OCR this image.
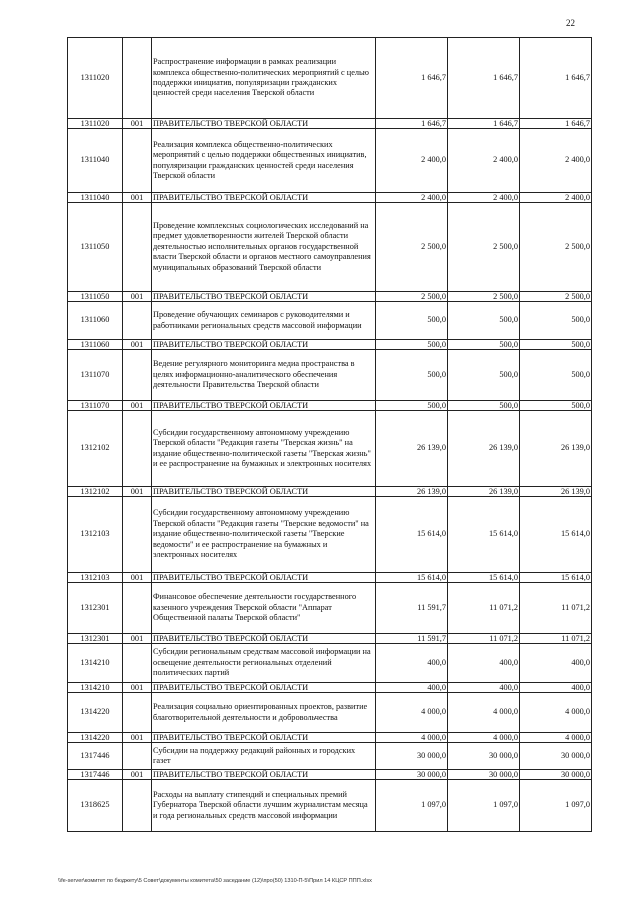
22
1311020		Распространение информации в рамках реализации комплекса общественно-политических мероприятий с целью поддержки инициатив, популяризации гражданских ценностей среди населения Тверской области	1 646,7	1 646,7	1 646,7
1311020	001	ПРАВИТЕЛЬСТВО ТВЕРСКОЙ ОБЛАСТИ	1 646,7	1 646,7	1 646,7
1311040		Реализация комплекса общественно-политических мероприятий с целью поддержки общественных инициатив, популяризации гражданских ценностей среди населения Тверской области	2 400,0	2 400,0	2 400,0
1311040	001	ПРАВИТЕЛЬСТВО ТВЕРСКОЙ ОБЛАСТИ	2 400,0	2 400,0	2 400,0
1311050		Проведение комплексных социологических исследований на предмет удовлетворенности жителей Тверской области деятельностью исполнительных органов государственной власти Тверской области и органов местного самоуправления муниципальных образований Тверской области	2 500,0	2 500,0	2 500,0
1311050	001	ПРАВИТЕЛЬСТВО ТВЕРСКОЙ ОБЛАСТИ	2 500,0	2 500,0	2 500,0
1311060		Проведение обучающих семинаров с руководителями и работниками региональных средств массовой информации	500,0	500,0	500,0
1311060	001	ПРАВИТЕЛЬСТВО ТВЕРСКОЙ ОБЛАСТИ	500,0	500,0	500,0
1311070		Ведение регулярного мониторинга медиа пространства в целях информационно-аналитического обеспечения деятельности Правительства Тверской области	500,0	500,0	500,0
1311070	001	ПРАВИТЕЛЬСТВО ТВЕРСКОЙ ОБЛАСТИ	500,0	500,0	500,0
1312102		Субсидии государственному автономному учреждению Тверской области "Редакция газеты "Тверская жизнь" на издание общественно-политической газеты "Тверская жизнь" и ее распространение на бумажных и электронных носителях	26 139,0	26 139,0	26 139,0
1312102	001	ПРАВИТЕЛЬСТВО ТВЕРСКОЙ ОБЛАСТИ	26 139,0	26 139,0	26 139,0
1312103		Субсидии государственному автономному учреждению Тверской области "Редакция газеты "Тверские ведомости" на издание общественно-политической газеты "Тверские ведомости" и ее распространение на бумажных и электронных носителях	15 614,0	15 614,0	15 614,0
1312103	001	ПРАВИТЕЛЬСТВО ТВЕРСКОЙ ОБЛАСТИ	15 614,0	15 614,0	15 614,0
1312301		Финансовое обеспечение деятельности государственного казенного учреждения Тверской области "Аппарат Общественной палаты Тверской области"	11 591,7	11 071,2	11 071,2
1312301	001	ПРАВИТЕЛЬСТВО ТВЕРСКОЙ ОБЛАСТИ	11 591,7	11 071,2	11 071,2
1314210		Субсидии региональным средствам массовой информации на освещение деятельности региональных отделений политических партий	400,0	400,0	400,0
1314210	001	ПРАВИТЕЛЬСТВО ТВЕРСКОЙ ОБЛАСТИ	400,0	400,0	400,0
1314220		Реализация социально ориентированных проектов, развитие благотворительной деятельности и добровольчества	4 000,0	4 000,0	4 000,0
1314220	001	ПРАВИТЕЛЬСТВО ТВЕРСКОЙ ОБЛАСТИ	4 000,0	4 000,0	4 000,0
1317446		Субсидии на поддержку редакций районных и городских газет	30 000,0	30 000,0	30 000,0
1317446	001	ПРАВИТЕЛЬСТВО ТВЕРСКОЙ ОБЛАСТИ	30 000,0	30 000,0	30 000,0
1318625		Расходы на выплату стипендий и специальных премий Губернатора Тверской области лучшим журналистам месяца и года региональных средств массовой информации	1 097,0	1 097,0	1 097,0
\\fe-server\комитет по бюджету\5 Совет\документы комитета\50 заседание (12)\про(50) 1310-П-5\Прил 14 КЦСР ППП.xlsx
